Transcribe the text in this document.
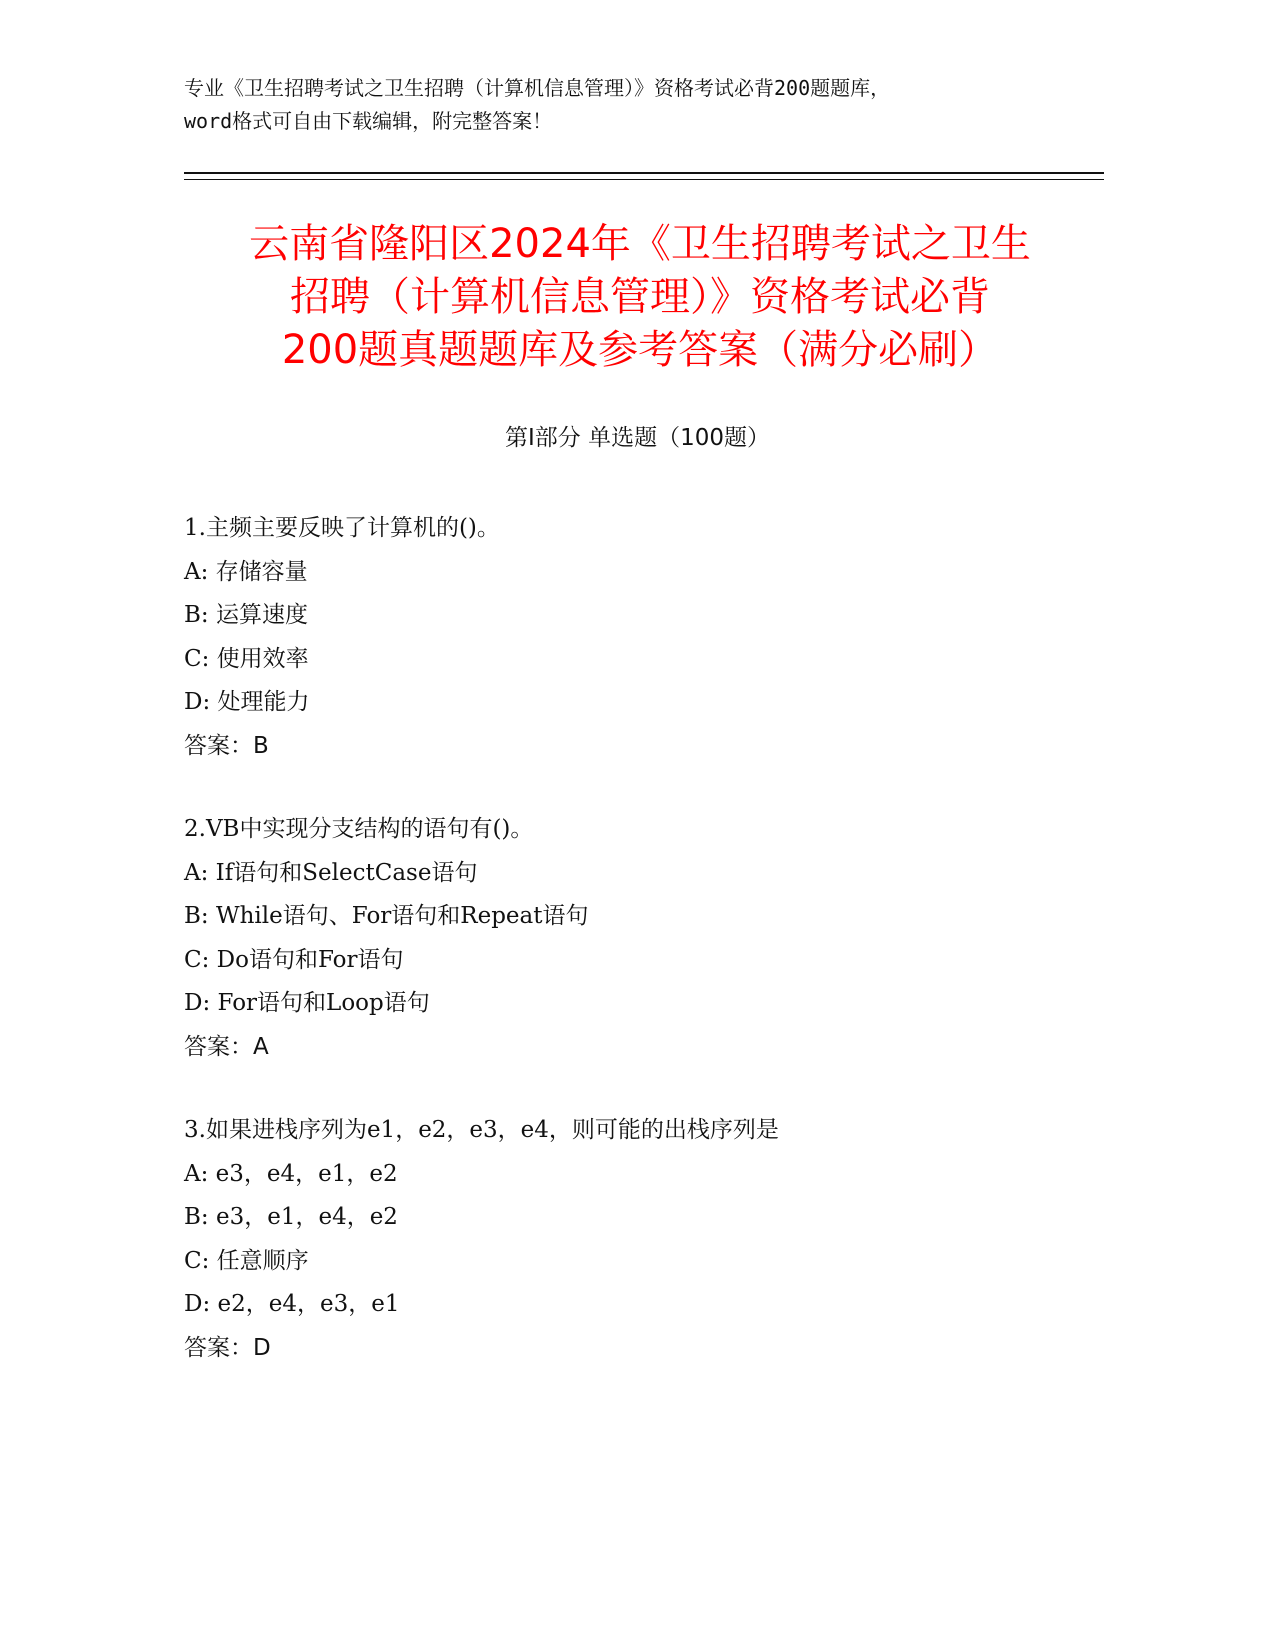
专业《卫生招聘考试之卫生招聘（计算机信息管理）》资格考试必背200题题库，
word格式可自由下载编辑，附完整答案！
云南省隆阳区2024年《卫生招聘考试之卫生
招聘（计算机信息管理）》资格考试必背
200题真题题库及参考答案（满分必刷）
第Ⅰ部分 单选题（100题）
1.主频主要反映了计算机的()。
A: 存储容量
B: 运算速度
C: 使用效率
D: 处理能力
答案：B
2.VB中实现分支结构的语句有()。
A: If语句和SelectCase语句
B: While语句、For语句和Repeat语句
C: Do语句和For语句
D: For语句和Loop语句
答案：A
3.如果进栈序列为e1，e2，e3，e4，则可能的出栈序列是
A: e3，e4，e1，e2
B: e3，e1，e4，e2
C: 任意顺序
D: e2，e4，e3，e1
答案：D
